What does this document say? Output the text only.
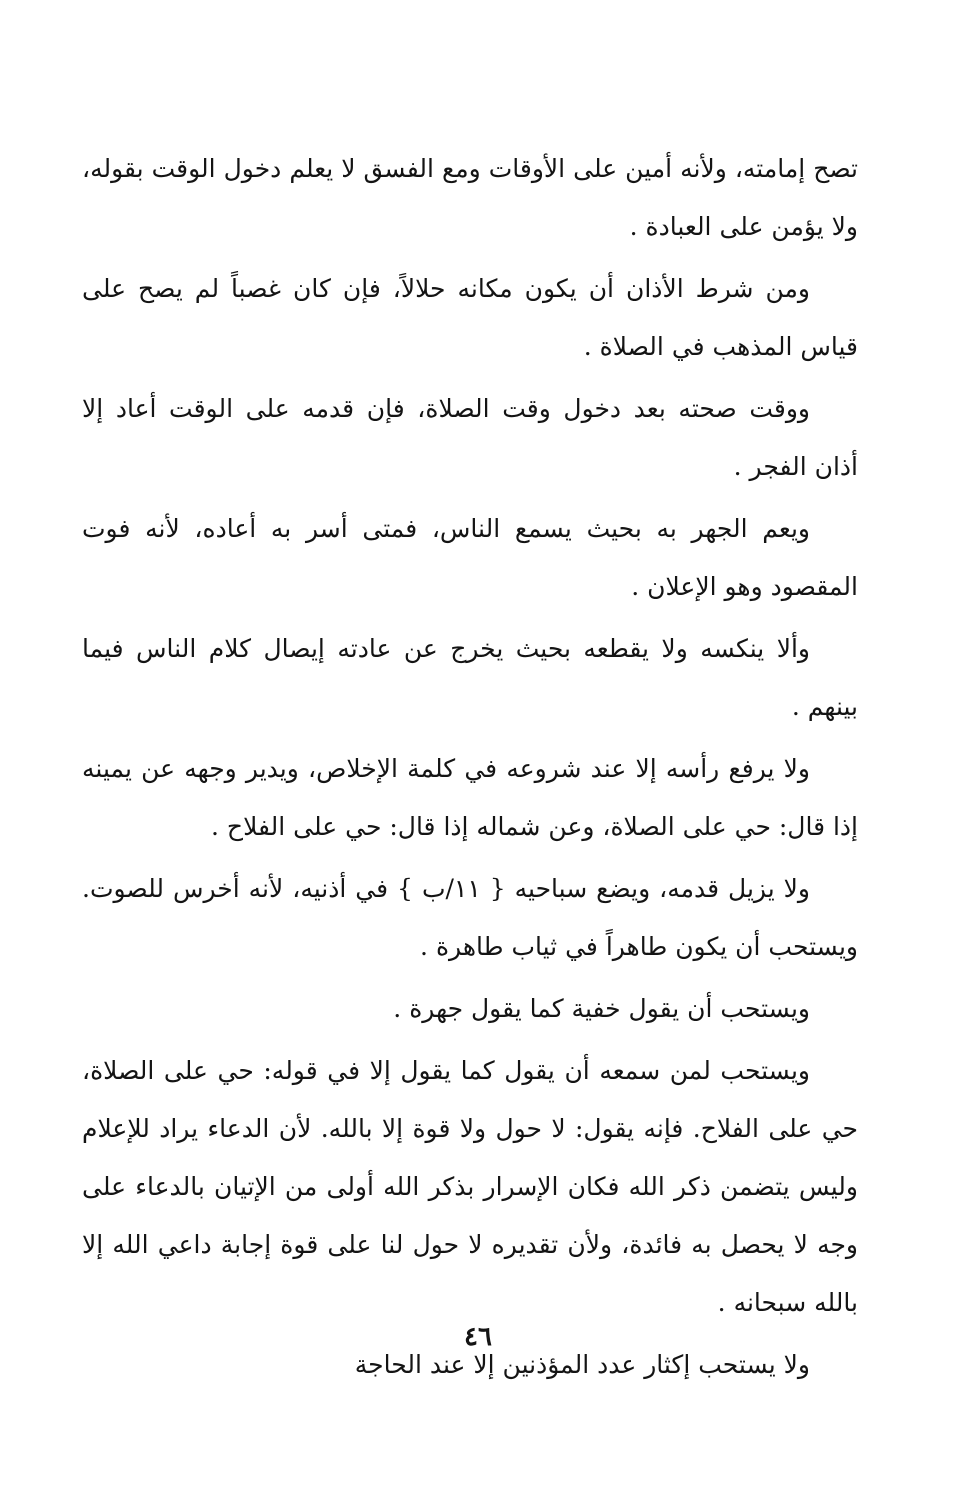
تصح إمامته، ولأنه أمين على الأوقات ومع الفسق لا يعلم دخول الوقت بقوله، ولا يؤمن على العبادة .

ومن شرط الأذان أن يكون مكانه حلالاً، فإن كان غصباً لم يصح على قياس المذهب في الصلاة .

ووقت صحته بعد دخول وقت الصلاة، فإن قدمه على الوقت أعاد إلا أذان الفجر .

ويعم الجهر به بحيث يسمع الناس، فمتى أسر به أعاده، لأنه فوت المقصود وهو الإعلان .

وألا ينكسه ولا يقطعه بحيث يخرج عن عادته إيصال كلام الناس فيما بينهم .

ولا يرفع رأسه إلا عند شروعه في كلمة الإخلاص، ويدير وجهه عن يمينه إذا قال: حي على الصلاة، وعن شماله إذا قال: حي على الفلاح .

ولا يزيل قدمه، ويضع سباحيه { ١١/ب } في أذنيه، لأنه أخرس للصوت. ويستحب أن يكون طاهراً في ثياب طاهرة .

ويستحب أن يقول خفية كما يقول جهرة .

ويستحب لمن سمعه أن يقول كما يقول إلا في قوله: حي على الصلاة، حي على الفلاح. فإنه يقول: لا حول ولا قوة إلا بالله. لأن الدعاء يراد للإعلام وليس يتضمن ذكر الله فكان الإسرار بذكر الله أولى من الإتيان بالدعاء على وجه لا يحصل به فائدة، ولأن تقديره لا حول لنا على قوة إجابة داعي الله إلا بالله سبحانه .

ولا يستحب إكثار عدد المؤذنين إلا عند الحاجة

٤٦
